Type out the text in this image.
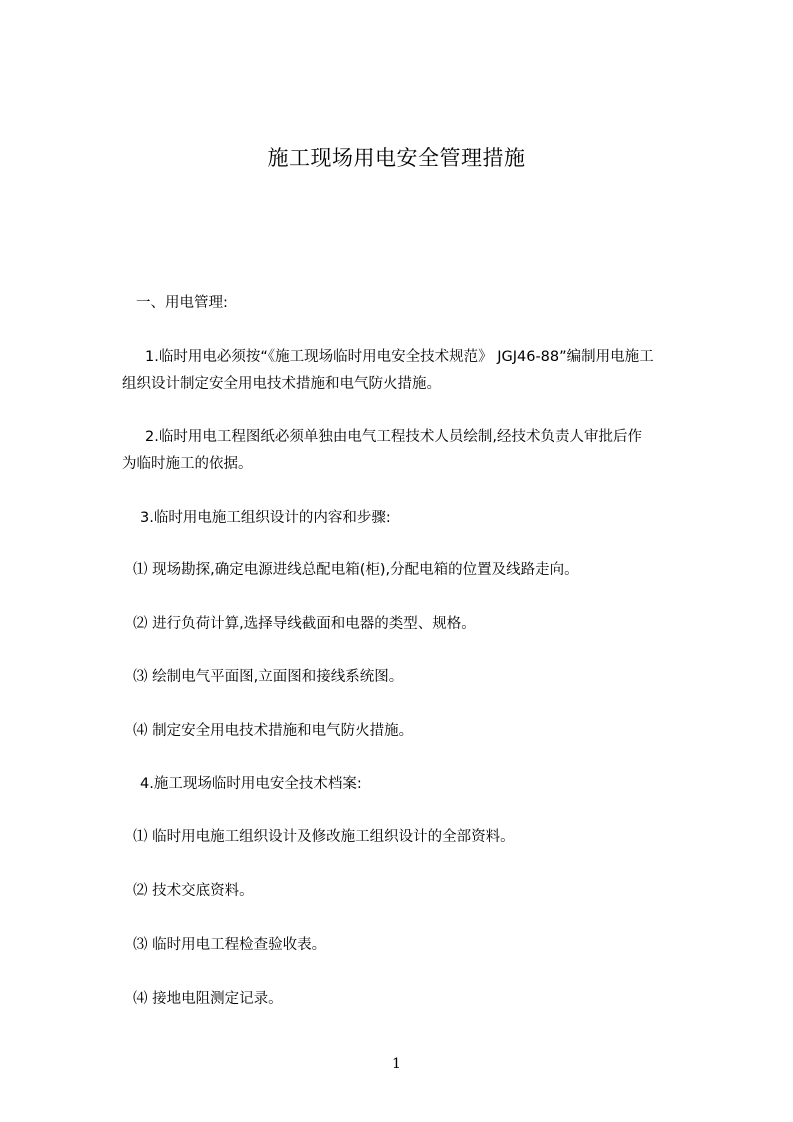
施工现场用电安全管理措施
一、用电管理:
1.临时用电必须按“《施工现场临时用电安全技术规范》 JGJ46-88”编制用电施工
组织设计制定安全用电技术措施和电气防火措施。
2.临时用电工程图纸必须单独由电气工程技术人员绘制,经技术负责人审批后作
为临时施工的依据。
3.临时用电施工组织设计的内容和步骤:
⑴ 现场勘探,确定电源进线总配电箱(柜),分配电箱的位置及线路走向。
⑵ 进行负荷计算,选择导线截面和电器的类型、规格。
⑶ 绘制电气平面图,立面图和接线系统图。
⑷ 制定安全用电技术措施和电气防火措施。
4.施工现场临时用电安全技术档案:
⑴ 临时用电施工组织设计及修改施工组织设计的全部资料。
⑵ 技术交底资料。
⑶ 临时用电工程检查验收表。
⑷ 接地电阻测定记录。
1
